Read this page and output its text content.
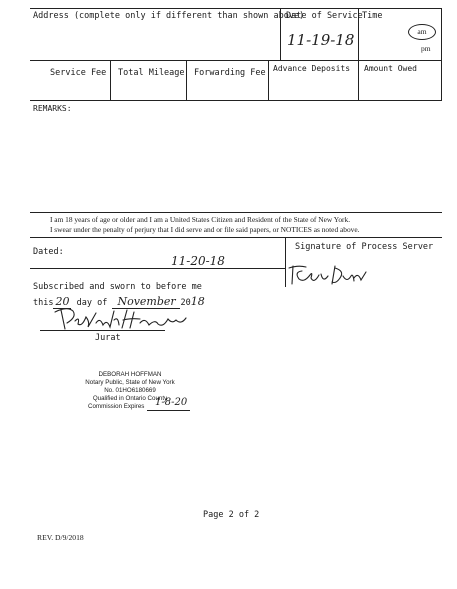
Address (complete only if different than shown above)
Date of Service
11-19-18
Time
am
pm
Service Fee Total Mileage Forwarding Fee Advance Deposits Amount Owed
REMARKS:
I am 18 years of age or older and I am a United States Citizen and Resident of the State of New York.
I swear under the penalty of perjury that I did serve and or file said papers, or NOTICES as noted above.
Dated:
11-20-18
Signature of Process Server
Subscribed and sworn to before me
this 20 day of November 2018
Jurat
DEBORAH HOFFMAN
Notary Public, State of New York
No. 01HO6180669
Qualified in Ontario County
Commission Expires 1-8-20
Page 2 of 2
REV. D/9/2018
